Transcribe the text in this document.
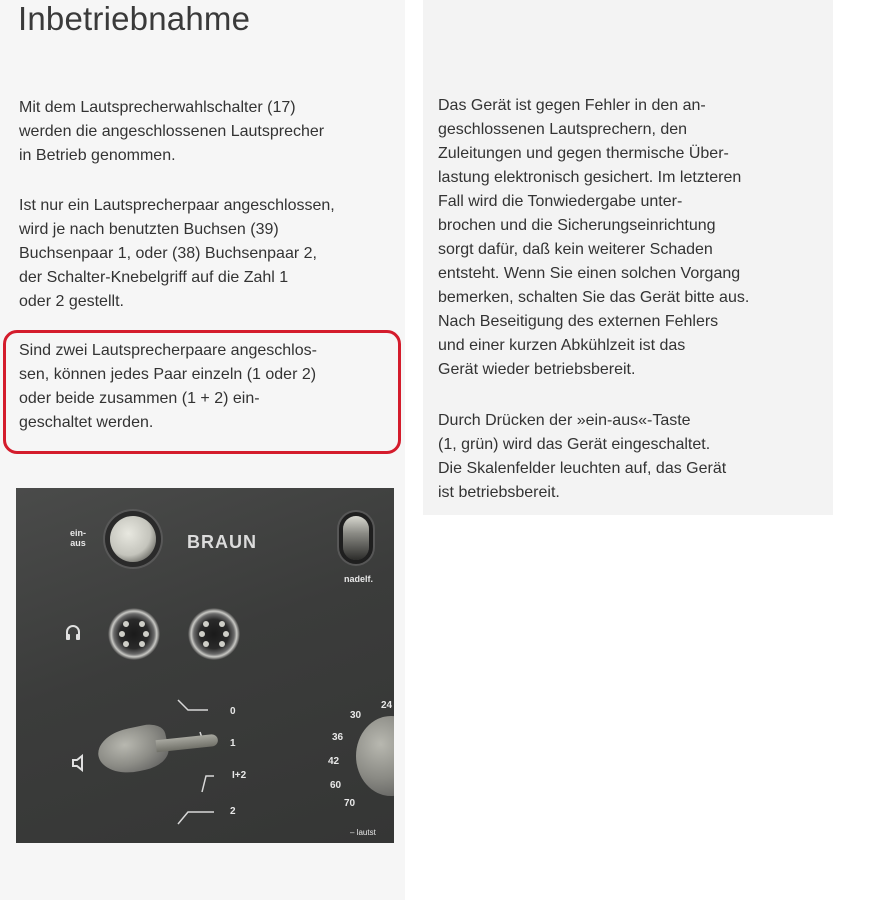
Inbetriebnahme

Mit dem Lautsprecherwahlschalter (17)
werden die angeschlossenen Lautsprecher
in Betrieb genommen.

Ist nur ein Lautsprecherpaar angeschlossen,
wird je nach benutzten Buchsen (39)
Buchsenpaar 1, oder (38) Buchsenpaar 2,
der Schalter-Knebelgriff auf die Zahl 1
oder 2 gestellt.

Sind zwei Lautsprecherpaare angeschlos-
sen, können jedes Paar einzeln (1 oder 2)
oder beide zusammen (1 + 2) ein-
geschaltet werden.

Das Gerät ist gegen Fehler in den an-
geschlossenen Lautsprechern, den
Zuleitungen und gegen thermische Über-
lastung elektronisch gesichert. Im letzteren
Fall wird die Tonwiedergabe unter-
brochen und die Sicherungseinrichtung
sorgt dafür, daß kein weiterer Schaden
entsteht. Wenn Sie einen solchen Vorgang
bemerken, schalten Sie das Gerät bitte aus.
Nach Beseitigung des externen Fehlers
und einer kurzen Abkühlzeit ist das
Gerät wieder betriebsbereit.

Durch Drücken der »ein-aus«-Taste
(1, grün) wird das Gerät eingeschaltet.
Die Skalenfelder leuchten auf, das Gerät
ist betriebsbereit.

ein-
aus	BRAUN
nadelf.
0
1
I+2
2
30
24
36
42
60
70
– lautst
